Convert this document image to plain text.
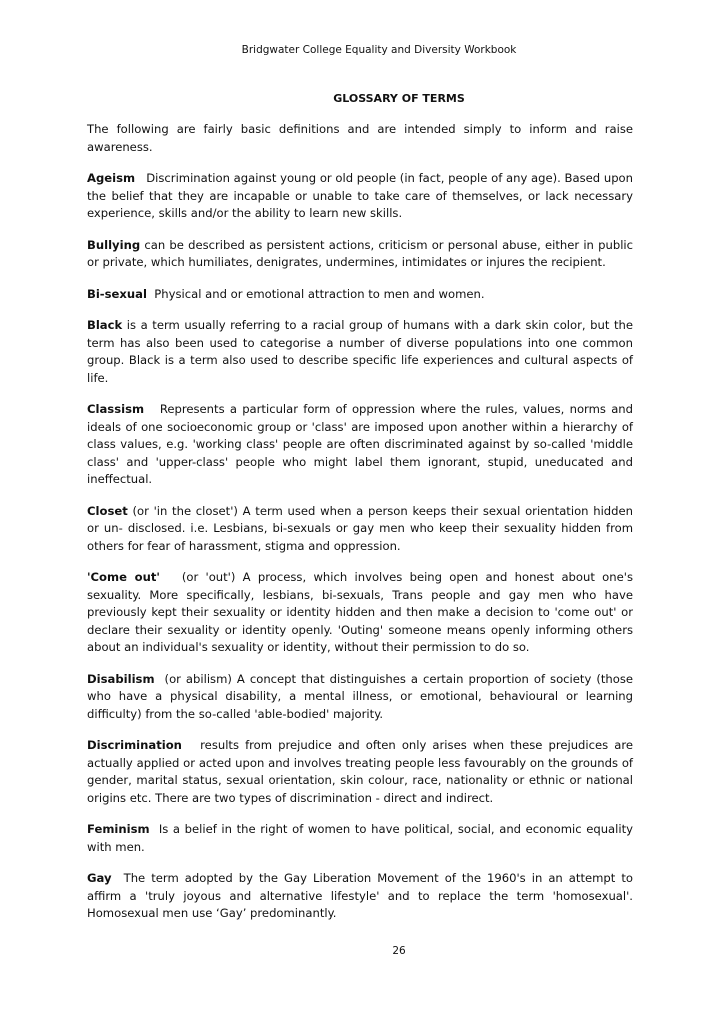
Bridgwater College Equality and Diversity Workbook
GLOSSARY OF TERMS

The following are fairly basic definitions and are intended simply to inform and raise awareness.

Ageism Discrimination against young or old people (in fact, people of any age). Based upon the belief that they are incapable or unable to take care of themselves, or lack necessary experience, skills and/or the ability to learn new skills.

Bullying can be described as persistent actions, criticism or personal abuse, either in public or private, which humiliates, denigrates, undermines, intimidates or injures the recipient.

Bi-sexual Physical and or emotional attraction to men and women.

Black is a term usually referring to a racial group of humans with a dark skin color, but the term has also been used to categorise a number of diverse populations into one common group. Black is a term also used to describe specific life experiences and cultural aspects of life.

Classism Represents a particular form of oppression where the rules, values, norms and ideals of one socioeconomic group or 'class' are imposed upon another within a hierarchy of class values, e.g. 'working class' people are often discriminated against by so-called 'middle class' and 'upper-class' people who might label them ignorant, stupid, uneducated and ineffectual.

Closet (or 'in the closet') A term used when a person keeps their sexual orientation hidden or un- disclosed. i.e. Lesbians, bi-sexuals or gay men who keep their sexuality hidden from others for fear of harassment, stigma and oppression.

'Come out' (or 'out') A process, which involves being open and honest about one's sexuality. More specifically, lesbians, bi-sexuals, Trans people and gay men who have previously kept their sexuality or identity hidden and then make a decision to 'come out' or declare their sexuality or identity openly. 'Outing' someone means openly informing others about an individual's sexuality or identity, without their permission to do so.

Disabilism (or abilism) A concept that distinguishes a certain proportion of society (those who have a physical disability, a mental illness, or emotional, behavioural or learning difficulty) from the so-called 'able-bodied' majority.

Discrimination results from prejudice and often only arises when these prejudices are actually applied or acted upon and involves treating people less favourably on the grounds of gender, marital status, sexual orientation, skin colour, race, nationality or ethnic or national origins etc. There are two types of discrimination - direct and indirect.

Feminism Is a belief in the right of women to have political, social, and economic equality with men.

Gay The term adopted by the Gay Liberation Movement of the 1960's in an attempt to affirm a 'truly joyous and alternative lifestyle' and to replace the term 'homosexual'. Homosexual men use ‘Gay’ predominantly.

26
